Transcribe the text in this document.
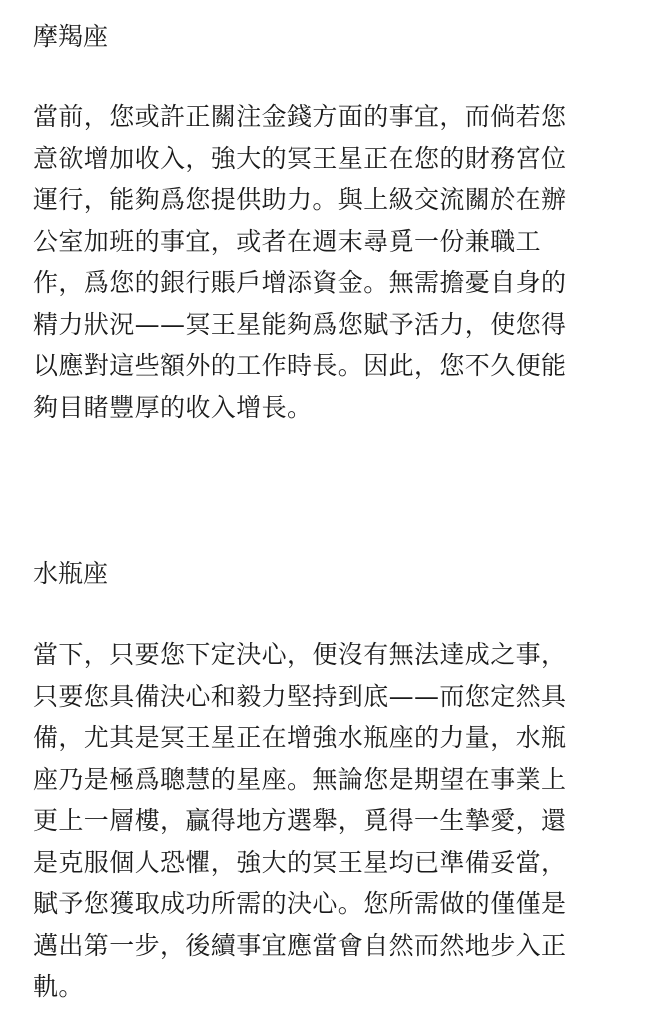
摩羯座

當前，您或許正關注金錢方面的事宜，而倘若您
意欲增加收入，強大的冥王星正在您的財務宮位
運行，能夠爲您提供助力。與上級交流關於在辦
公室加班的事宜，或者在週末尋覓一份兼職工
作，爲您的銀行賬戶增添資金。無需擔憂自身的
精力狀況——冥王星能夠爲您賦予活力，使您得
以應對這些額外的工作時長。因此，您不久便能
夠目睹豐厚的收入增長。

水瓶座

當下，只要您下定決心，便沒有無法達成之事，
只要您具備決心和毅力堅持到底——而您定然具
備，尤其是冥王星正在增強水瓶座的力量，水瓶
座乃是極爲聰慧的星座。無論您是期望在事業上
更上一層樓，贏得地方選舉，覓得一生摯愛，還
是克服個人恐懼，強大的冥王星均已準備妥當，
賦予您獲取成功所需的決心。您所需做的僅僅是
邁出第一步，後續事宜應當會自然而然地步入正
軌。
